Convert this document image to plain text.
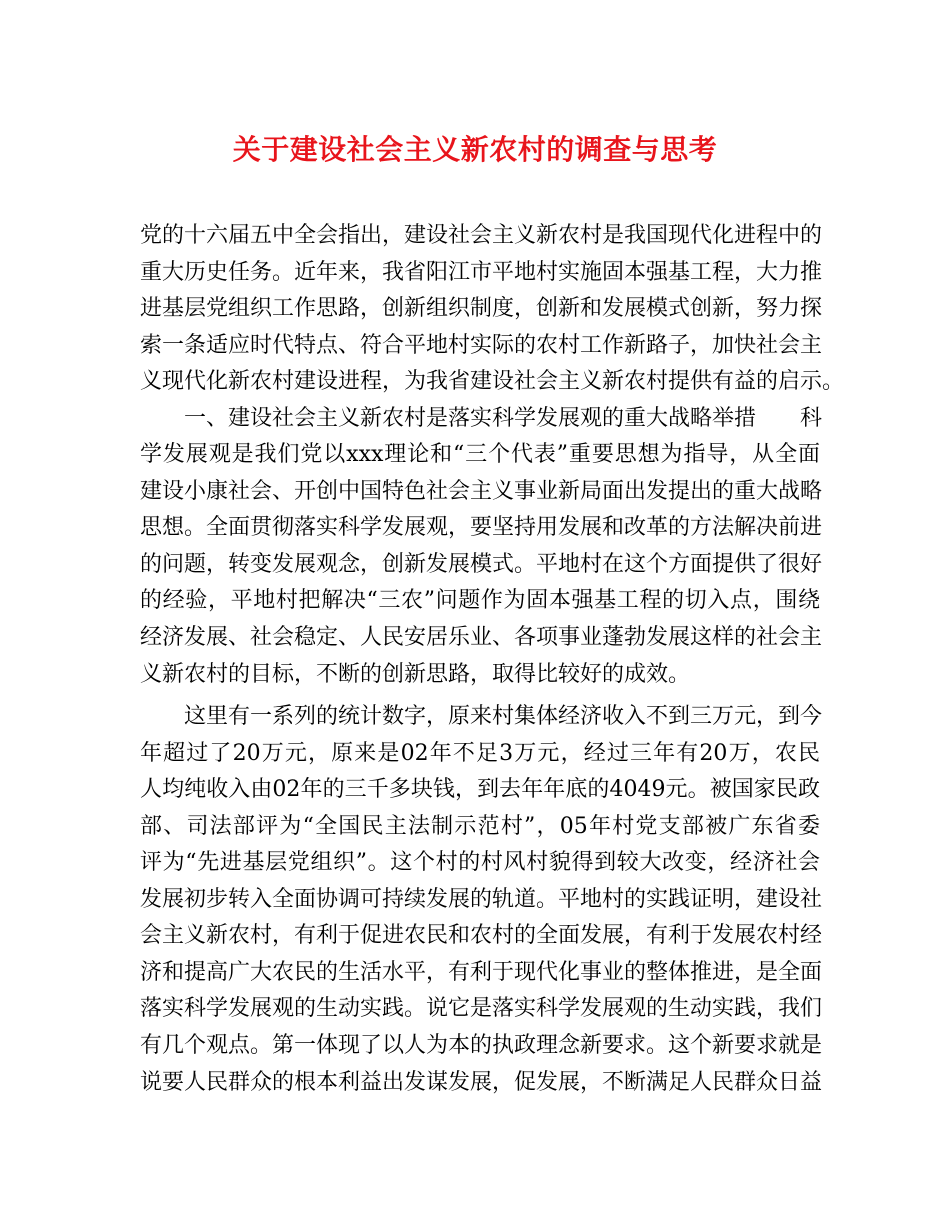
关于建设社会主义新农村的调查与思考
党的十六届五中全会指出，建设社会主义新农村是我国现代化进程中的
重大历史任务。近年来，我省阳江市平地村实施固本强基工程，大力推
进基层党组织工作思路，创新组织制度，创新和发展模式创新，努力探
索一条适应时代特点、符合平地村实际的农村工作新路子，加快社会主
义现代化新农村建设进程，为我省建设社会主义新农村提供有益的启示。
　　一、建设社会主义新农村是落实科学发展观的重大战略举措　　科
学发展观是我们党以xxx理论和“三个代表”重要思想为指导，从全面
建设小康社会、开创中国特色社会主义事业新局面出发提出的重大战略
思想。全面贯彻落实科学发展观，要坚持用发展和改革的方法解决前进
的问题，转变发展观念，创新发展模式。平地村在这个方面提供了很好
的经验，平地村把解决“三农”问题作为固本强基工程的切入点，围绕
经济发展、社会稳定、人民安居乐业、各项事业蓬勃发展这样的社会主
义新农村的目标，不断的创新思路，取得比较好的成效。
　　这里有一系列的统计数字，原来村集体经济收入不到三万元，到今
年超过了20万元，原来是02年不足3万元，经过三年有20万，农民
人均纯收入由02年的三千多块钱，到去年年底的4049元。被国家民政
部、司法部评为“全国民主法制示范村”，05年村党支部被广东省委
评为“先进基层党组织”。这个村的村风村貌得到较大改变，经济社会
发展初步转入全面协调可持续发展的轨道。平地村的实践证明，建设社
会主义新农村，有利于促进农民和农村的全面发展，有利于发展农村经
济和提高广大农民的生活水平，有利于现代化事业的整体推进，是全面
落实科学发展观的生动实践。说它是落实科学发展观的生动实践，我们
有几个观点。第一体现了以人为本的执政理念新要求。这个新要求就是
说要人民群众的根本利益出发谋发展，促发展，不断满足人民群众日益
